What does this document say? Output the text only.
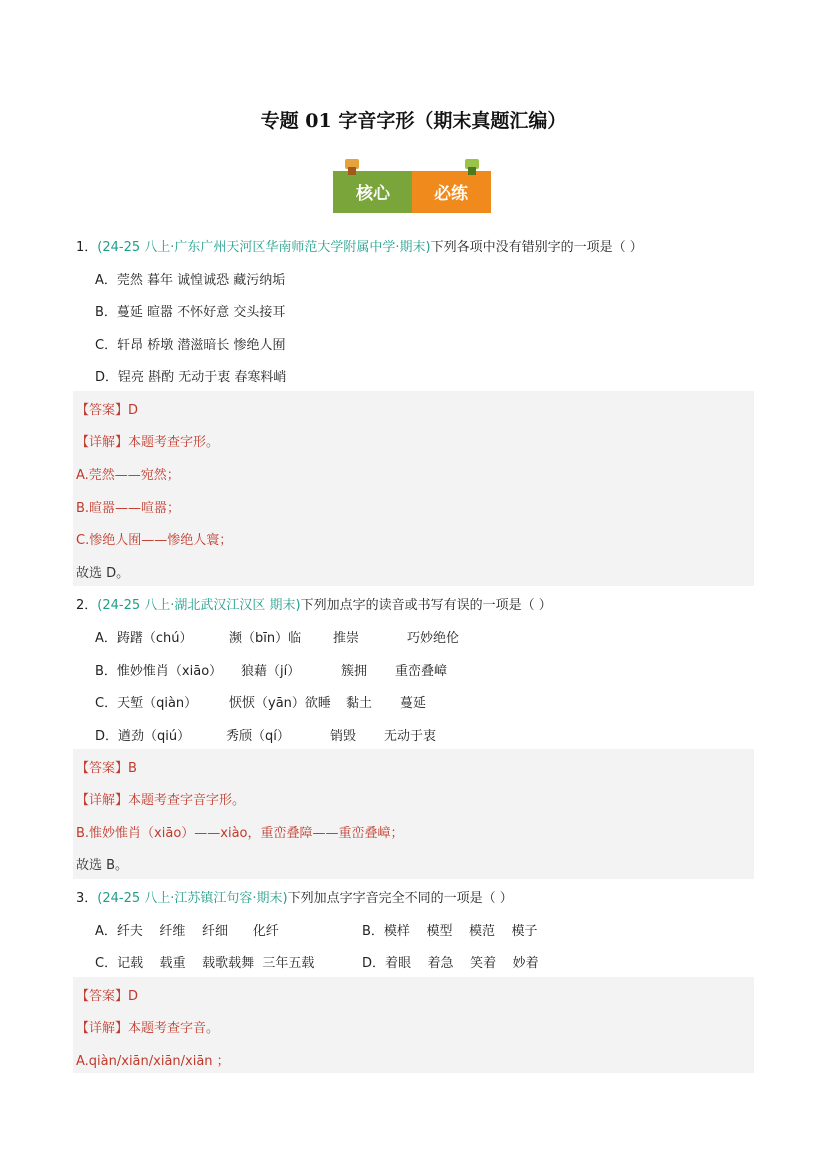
专题 01 字音字形（期末真题汇编）
核心	必练
1．(24-25 八上·广东广州天河区华南师范大学附属中学·期末)下列各项中没有错别字的一项是（ ）
A．莞然 暮年 诚惶诚恐 藏污纳垢
B．蔓延 暄嚣 不怀好意 交头接耳
C．轩昂 桥墩 潜滋暗长 惨绝人囿
D．锃亮 斟酌 无动于衷 春寒料峭
【答案】D
【详解】本题考查字形。
A.莞然——宛然；
B.暄嚣——喧嚣；
C.惨绝人囿——惨绝人寰；
故选 D。
2．(24-25 八上·湖北武汉江汉区 期末)下列加点字的读音或书写有误的一项是（ ）
A．踌躇（chú）	濒（bīn）临 推崇	巧妙绝伦
B．惟妙惟肖（xiāo） 狼藉（jí）	簇拥 重峦叠嶂
C．天堑（qiàn） 恹恹（yān）欲睡 黏土 蔓延
D．遒劲（qiú）	秀颀（qí）	销毁 无动于衷
【答案】B
【详解】本题考查字音字形。
B.惟妙惟肖（xiāo）——xiào，重峦叠障——重峦叠嶂；
故选 B。
3．(24-25 八上·江苏镇江句容·期末)下列加点字字音完全不同的一项是（ ）
A．纤夫    纤维    纤细      化纤	B．模样    模型    模范    模子
C．记载    载重    载歌载舞  三年五载	D．着眼    着急    笑着    妙着
【答案】D
【详解】本题考查字音。
A.qiàn/xiān/xiān/xiān ；
